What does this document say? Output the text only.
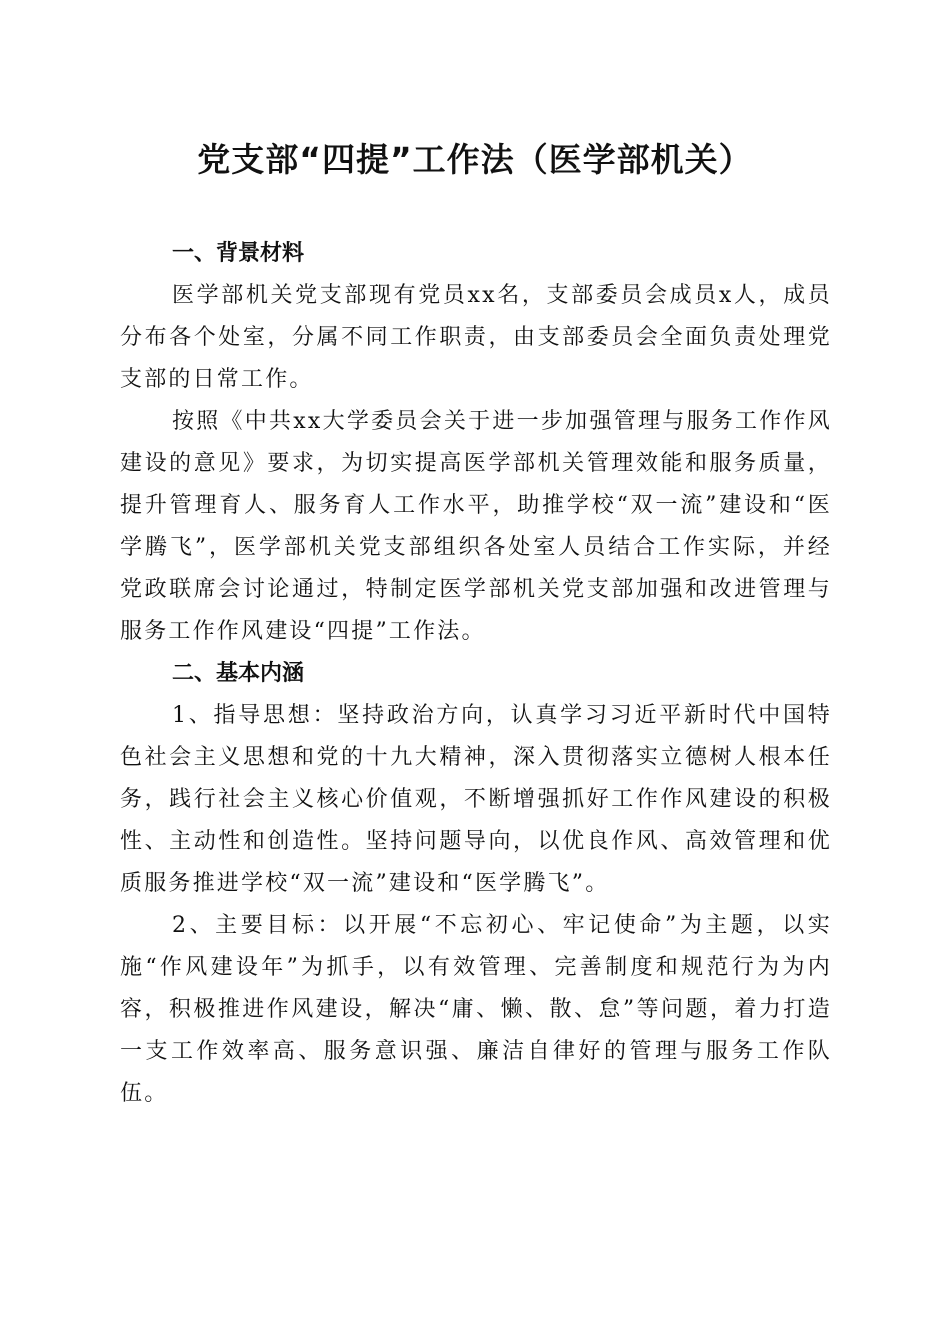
党支部“四提”工作法（医学部机关）
一、背景材料

医学部机关党支部现有党员xx名，支部委员会成员x人，成员分布各个处室，分属不同工作职责，由支部委员会全面负责处理党支部的日常工作。

按照《中共xx大学委员会关于进一步加强管理与服务工作作风建设的意见》要求，为切实提高医学部机关管理效能和服务质量，提升管理育人、服务育人工作水平，助推学校“双一流”建设和“医学腾飞”，医学部机关党支部组织各处室人员结合工作实际，并经党政联席会讨论通过，特制定医学部机关党支部加强和改进管理与服务工作作风建设“四提”工作法。

二、基本内涵

1、指导思想：坚持政治方向，认真学习习近平新时代中国特色社会主义思想和党的十九大精神，深入贯彻落实立德树人根本任务，践行社会主义核心价值观，不断增强抓好工作作风建设的积极性、主动性和创造性。坚持问题导向，以优良作风、高效管理和优质服务推进学校“双一流”建设和“医学腾飞”。

2、主要目标：以开展“不忘初心、牢记使命”为主题，以实施“作风建设年”为抓手，以有效管理、完善制度和规范行为为内容，积极推进作风建设，解决“庸、懒、散、怠”等问题，着力打造一支工作效率高、服务意识强、廉洁自律好的管理与服务工作队伍。
